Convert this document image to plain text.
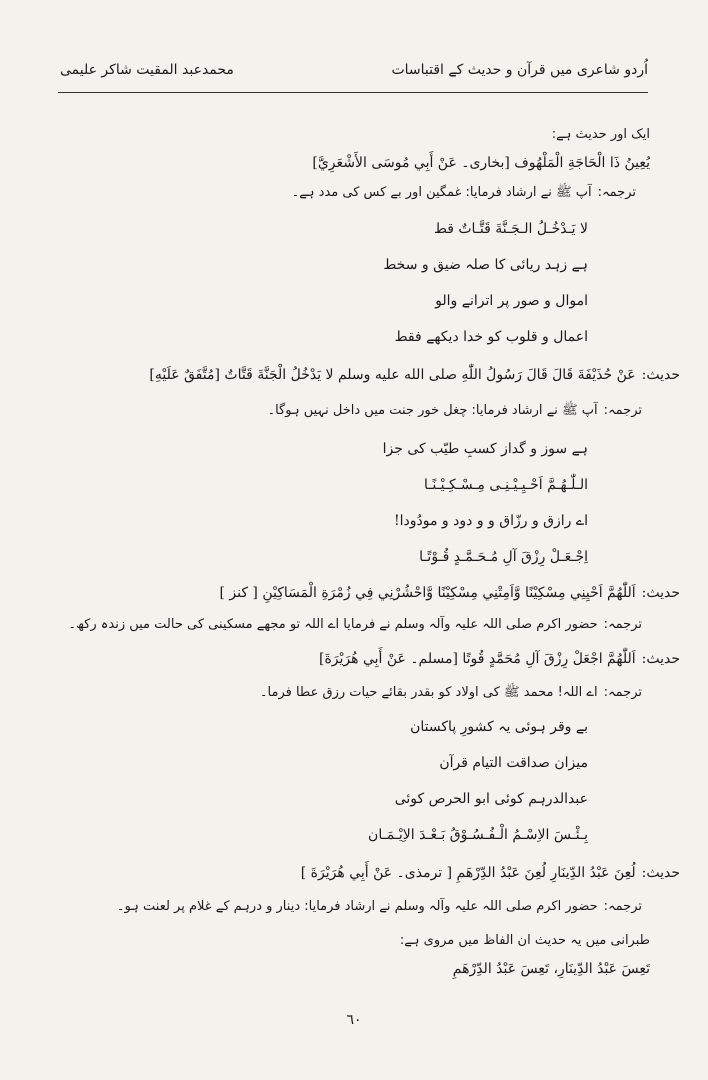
اُردو شاعری میں قرآن و حدیث کے اقتباسات
محمدعبد المقیت شاکر علیمی
ایک اور حدیث ہے:
يُعِينُ ذَا الْحَاجَةِ الْمَلْهُوف [بخاری۔ عَنْ أَبِي مُوسَى الأَشْعَرِيَّ]
ترجمہ:آپ ﷺ نے ارشاد فرمایا: غمگین اور بے کس کی مدد ہے۔
لا یَـدْخُـلُ الـجَـنَّةَ قَتَّـاتٌ قط
ہے زہد ریائی کا صلہ ضیق و سخط
اموال و صور پر اترانے والو
اعمال و قلوب کو خدا دیکھے فقط
حدیث:عَنْ حُذَيْفَةَ قَالَ قَالَ رَسُولُ اللّٰهِ صلى الله عليه وسلم لا يَدْخُلُ الْجَنَّةَ قَتَّاتٌ [مُتَّفَقٌ عَلَيْهِ]
ترجمہ:آپ ﷺ نے ارشاد فرمایا: چغل خور جنت میں داخل نہیں ہوگا۔
ہے سوز و گداز کسبِ طیّب کی جزا
الـلّٰـهُـمَّ اَحْـيِـيْـنِـى مِـسْـكِـيْـنًـا
اے رازق و رزّاق و و دود و مودُودا!
اِجْـعَـلْ رِزْقَ آلِ مُـحَـمَّـدٍ قُـوْتًـا
حدیث:اَللّٰهُمَّ اَحْيِنِي مِسْكِيْنًا وَّاَمِتْنِي مِسْكِيْنًا وَّاحْشُرْنِي فِي زُمْرَةِ الْمَسَاكِيْنِ [ کنز ]
ترجمہ:حضور اکرم صلی اللہ علیہ وآلہ وسلم نے فرمایا اے اللہ تو مجھے مسکینی کی حالت میں زندہ رکھ۔
حدیث:اَللّٰهُمَّ اجْعَلْ رِزْقَ آلِ مُحَمَّدٍ قُوتًا [مسلم۔ عَنْ أَبِي هُرَيْرَةَ]
ترجمہ:اے اللہ! محمد ﷺ کی اولاد کو بقدر بقائے حیات رزق عطا فرما۔
بے وقر ہوئی یہ کشورِ پاکستان
میزان صداقت التیام قرآن
عبدالدرہم کوئی ابو الحرص کوئی
بِـئْـسَ الاِسْـمُ الْـفُـسُـوْقُ بَـعْـدَ الاِيْـمَـان
حدیث:لُعِنَ عَبْدُ الدِّينَارِ لُعِنَ عَبْدُ الدِّرْهَمِ [ ترمذی۔ عَنْ أَبِي هُرَيْرَةَ ]
ترجمہ:حضور اکرم صلی اللہ علیہ وآلہ وسلم نے ارشاد فرمایا: دینار و درہم کے غلام پر لعنت ہو۔
طبرانی میں یہ حدیث ان الفاظ میں مروی ہے:
تَعِسَ عَبْدُ الدِّينَارِ، تَعِسَ عَبْدُ الدِّرْهَمِ
٦٠
